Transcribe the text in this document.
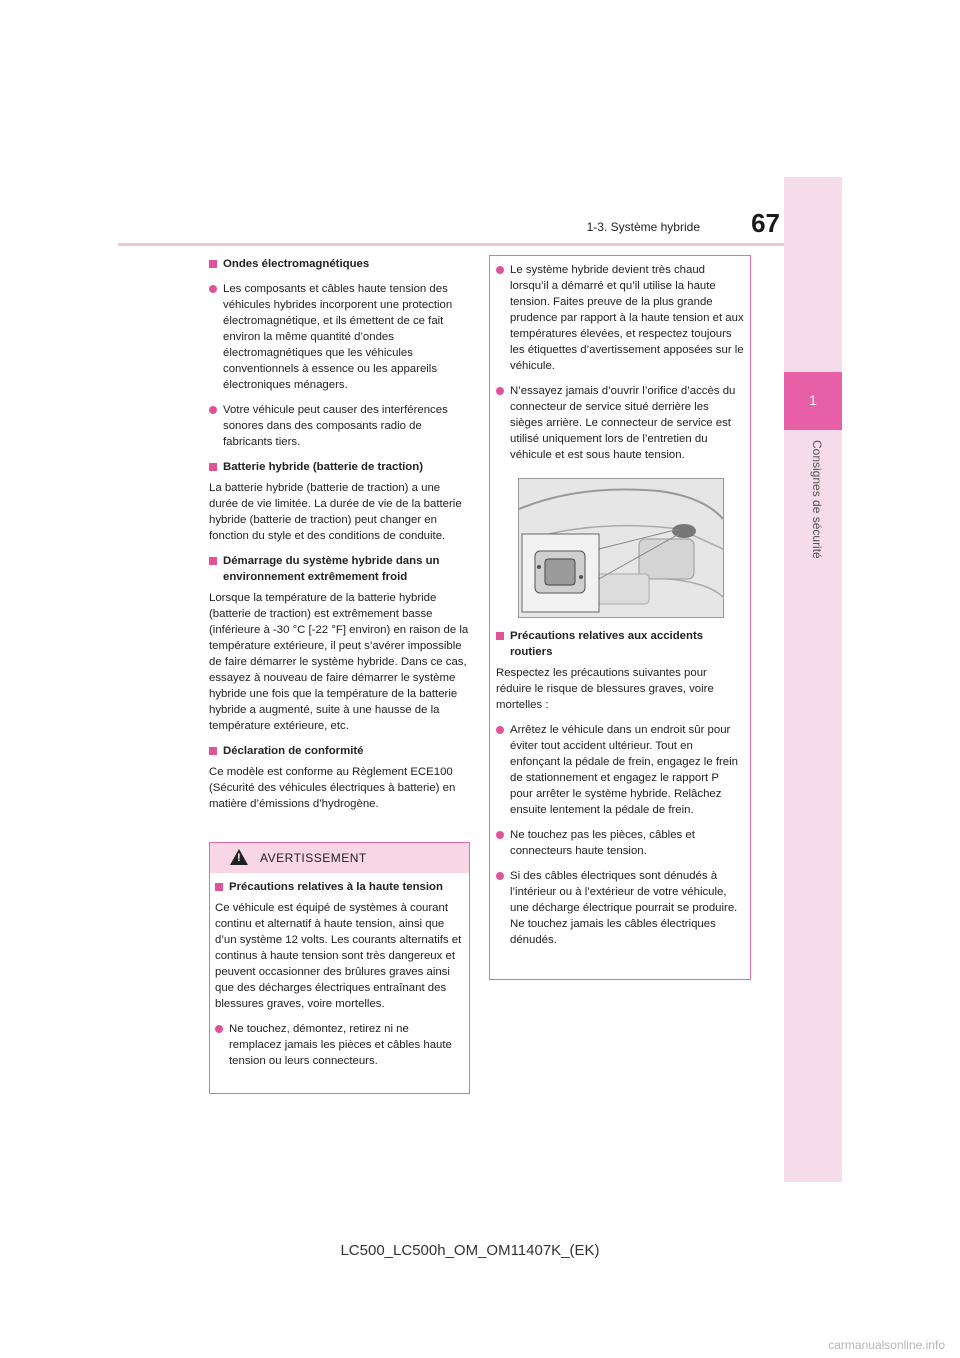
67
1-3. Système hybride
1
Consignes de sécurité

Ondes électromagnétiques

Les composants et câbles haute tension des véhicules hybrides incorporent une protection électromagnétique, et ils émettent de ce fait environ la même quantité d’ondes électromagnétiques que les véhicules conventionnels à essence ou les appareils électroniques ménagers.

Votre véhicule peut causer des interférences sonores dans des composants radio de fabricants tiers.

Batterie hybride (batterie de traction)

La batterie hybride (batterie de traction) a une durée de vie limitée. La durée de vie de la batterie hybride (batterie de traction) peut changer en fonction du style et des conditions de conduite.

Démarrage du système hybride dans un environnement extrêmement froid

Lorsque la température de la batterie hybride (batterie de traction) est extrêmement basse (inférieure à -30 °C [-22 °F] environ) en raison de la température extérieure, il peut s’avérer impossible de faire démarrer le système hybride. Dans ce cas, essayez à nouveau de faire démarrer le système hybride une fois que la température de la batterie hybride a augmenté, suite à une hausse de la température extérieure, etc.

Déclaration de conformité

Ce modèle est conforme au Règlement ECE100 (Sécurité des véhicules électriques à batterie) en matière d’émissions d’hydrogène.

! AVERTISSEMENT

Précautions relatives à la haute tension

Ce véhicule est équipé de systèmes à courant continu et alternatif à haute tension, ainsi que d’un système 12 volts. Les courants alternatifs et continus à haute tension sont très dangereux et peuvent occasionner des brûlures graves ainsi que des décharges électriques entraînant des blessures graves, voire mortelles.

Ne touchez, démontez, retirez ni ne remplacez jamais les pièces et câbles haute tension ou leurs connecteurs.

Le système hybride devient très chaud lorsqu’il a démarré et qu’il utilise la haute tension. Faites preuve de la plus grande prudence par rapport à la haute tension et aux températures élevées, et respectez toujours les étiquettes d’avertissement apposées sur le véhicule.

N’essayez jamais d’ouvrir l’orifice d’accès du connecteur de service situé derrière les sièges arrière. Le connecteur de service est utilisé uniquement lors de l’entretien du véhicule et est sous haute tension.

Précautions relatives aux accidents routiers

Respectez les précautions suivantes pour réduire le risque de blessures graves, voire mortelles :

Arrêtez le véhicule dans un endroit sûr pour éviter tout accident ultérieur. Tout en enfonçant la pédale de frein, engagez le frein de stationnement et engagez le rapport P pour arrêter le système hybride. Relâchez ensuite lentement la pédale de frein.

Ne touchez pas les pièces, câbles et connecteurs haute tension.

Si des câbles électriques sont dénudés à l’intérieur ou à l’extérieur de votre véhicule, une décharge électrique pourrait se produire. Ne touchez jamais les câbles électriques dénudés.

LC500_LC500h_OM_OM11407K_(EK)
carmanualsonline.info
